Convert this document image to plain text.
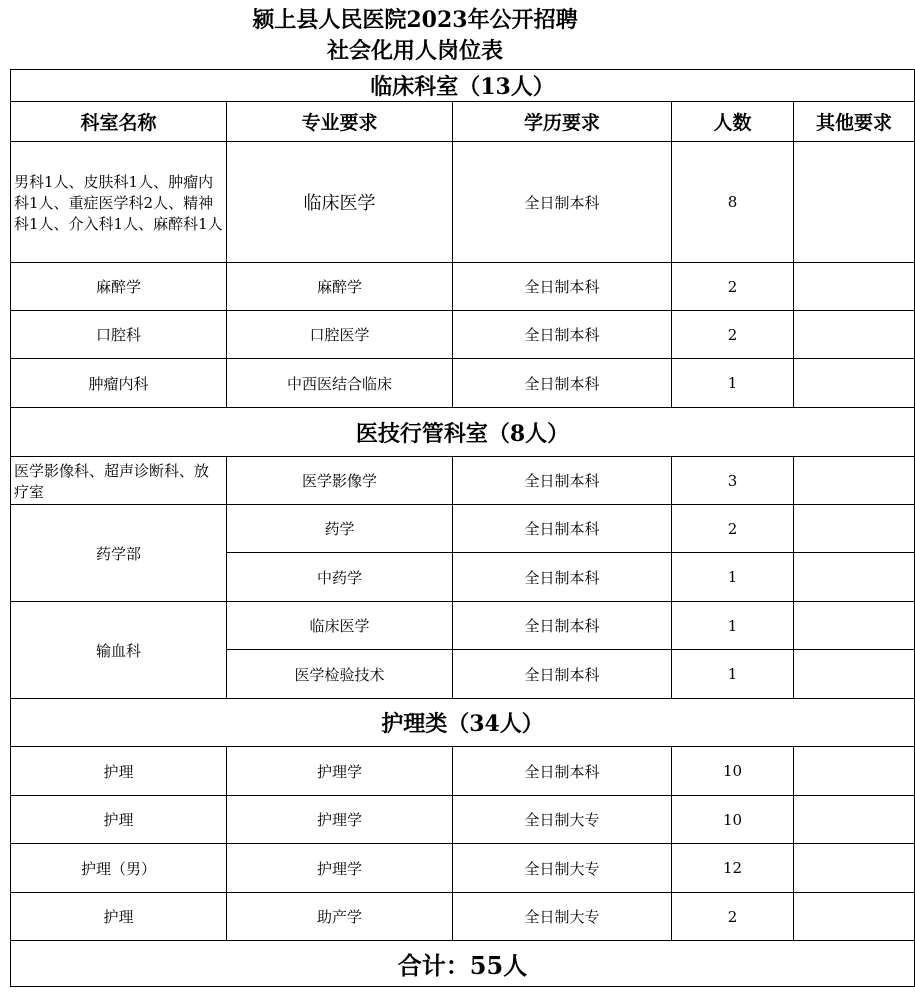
颍上县人民医院2023年公开招聘
社会化用人岗位表
临床科室（13人）				
科室名称	专业要求	学历要求	人数	其他要求
男科1人、皮肤科1人、肿瘤内科1人、重症医学科2人、精神科1人、介入科1人、麻醉科1人	临床医学	全日制本科	8	
麻醉学	麻醉学	全日制本科	2	
口腔科	口腔医学	全日制本科	2	
肿瘤内科	中西医结合临床	全日制本科	1	
医技行管科室（8人）				
医学影像科、超声诊断科、放疗室	医学影像学	全日制本科	3	
药学部	药学	全日制本科	2	
	中药学	全日制本科	1	
输血科	临床医学	全日制本科	1	
	医学检验技术	全日制本科	1	
护理类（34人）				
护理	护理学	全日制本科	10	
护理	护理学	全日制大专	10	
护理（男）	护理学	全日制大专	12	
护理	助产学	全日制大专	2	
合计：55人				
